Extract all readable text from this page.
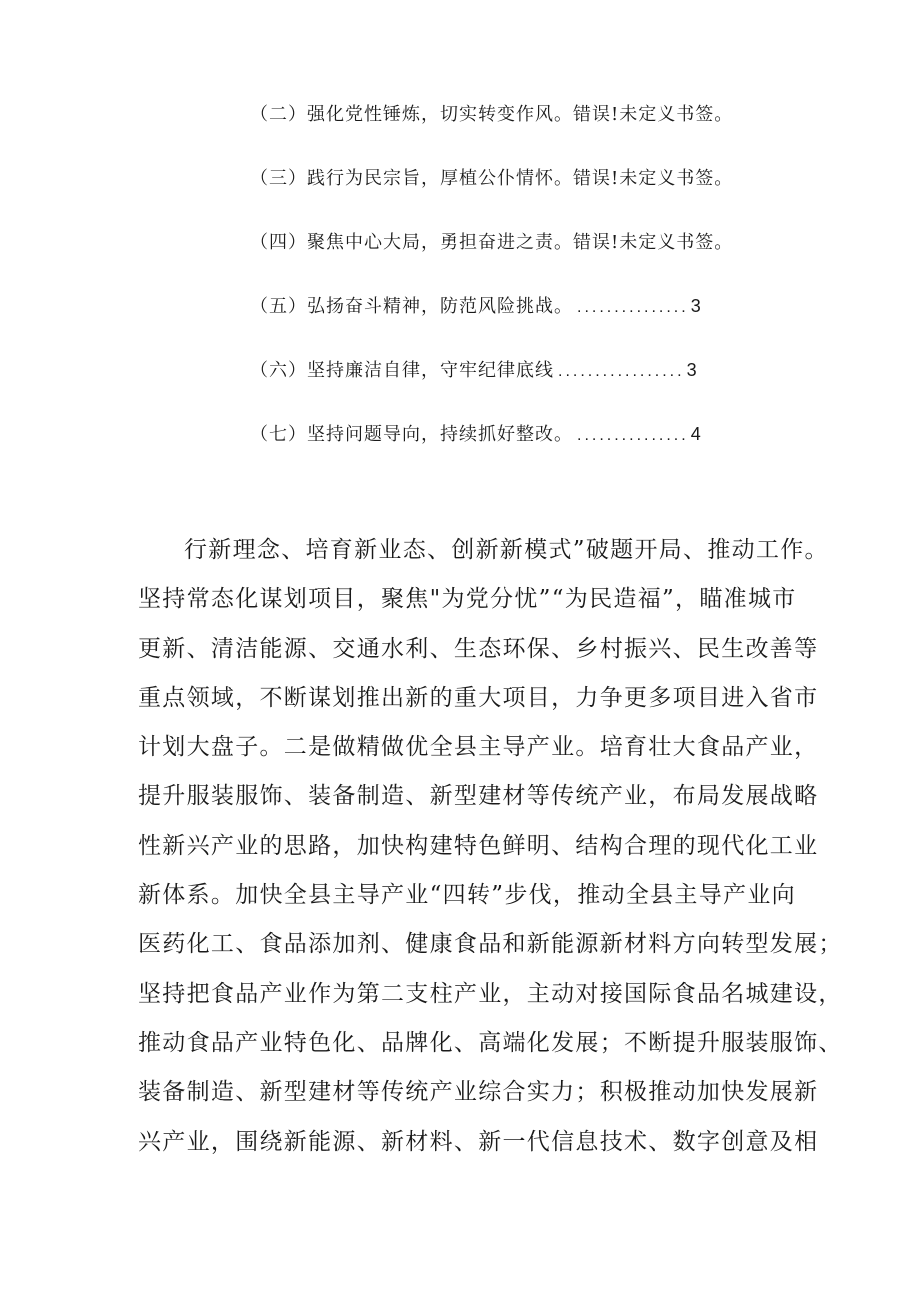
（二）强化党性锤炼，切实转变作风。错误!未定义书签。
（三）践行为民宗旨，厚植公仆情怀。错误!未定义书签。
（四）聚焦中心大局，勇担奋进之责。错误!未定义书签。
（五）弘扬奋斗精神，防范风险挑战。 ............... 3
（六）坚持廉洁自律，守牢纪律底线 ................. 3
（七）坚持问题导向，持续抓好整改。 ............... 4
行新理念、培育新业态、创新新模式”破题开局、推动工作。
坚持常态化谋划项目，聚焦"为党分忧”“为民造福”，瞄准城市
更新、清洁能源、交通水利、生态环保、乡村振兴、民生改善等
重点领域，不断谋划推出新的重大项目，力争更多项目进入省市
计划大盘子。二是做精做优全县主导产业。培育壮大食品产业，
提升服装服饰、装备制造、新型建材等传统产业，布局发展战略
性新兴产业的思路，加快构建特色鲜明、结构合理的现代化工业
新体系。加快全县主导产业“四转”步伐，推动全县主导产业向
医药化工、食品添加剂、健康食品和新能源新材料方向转型发展；
坚持把食品产业作为第二支柱产业，主动对接国际食品名城建设，
推动食品产业特色化、品牌化、高端化发展；不断提升服装服饰、
装备制造、新型建材等传统产业综合实力；积极推动加快发展新
兴产业，围绕新能源、新材料、新一代信息技术、数字创意及相
